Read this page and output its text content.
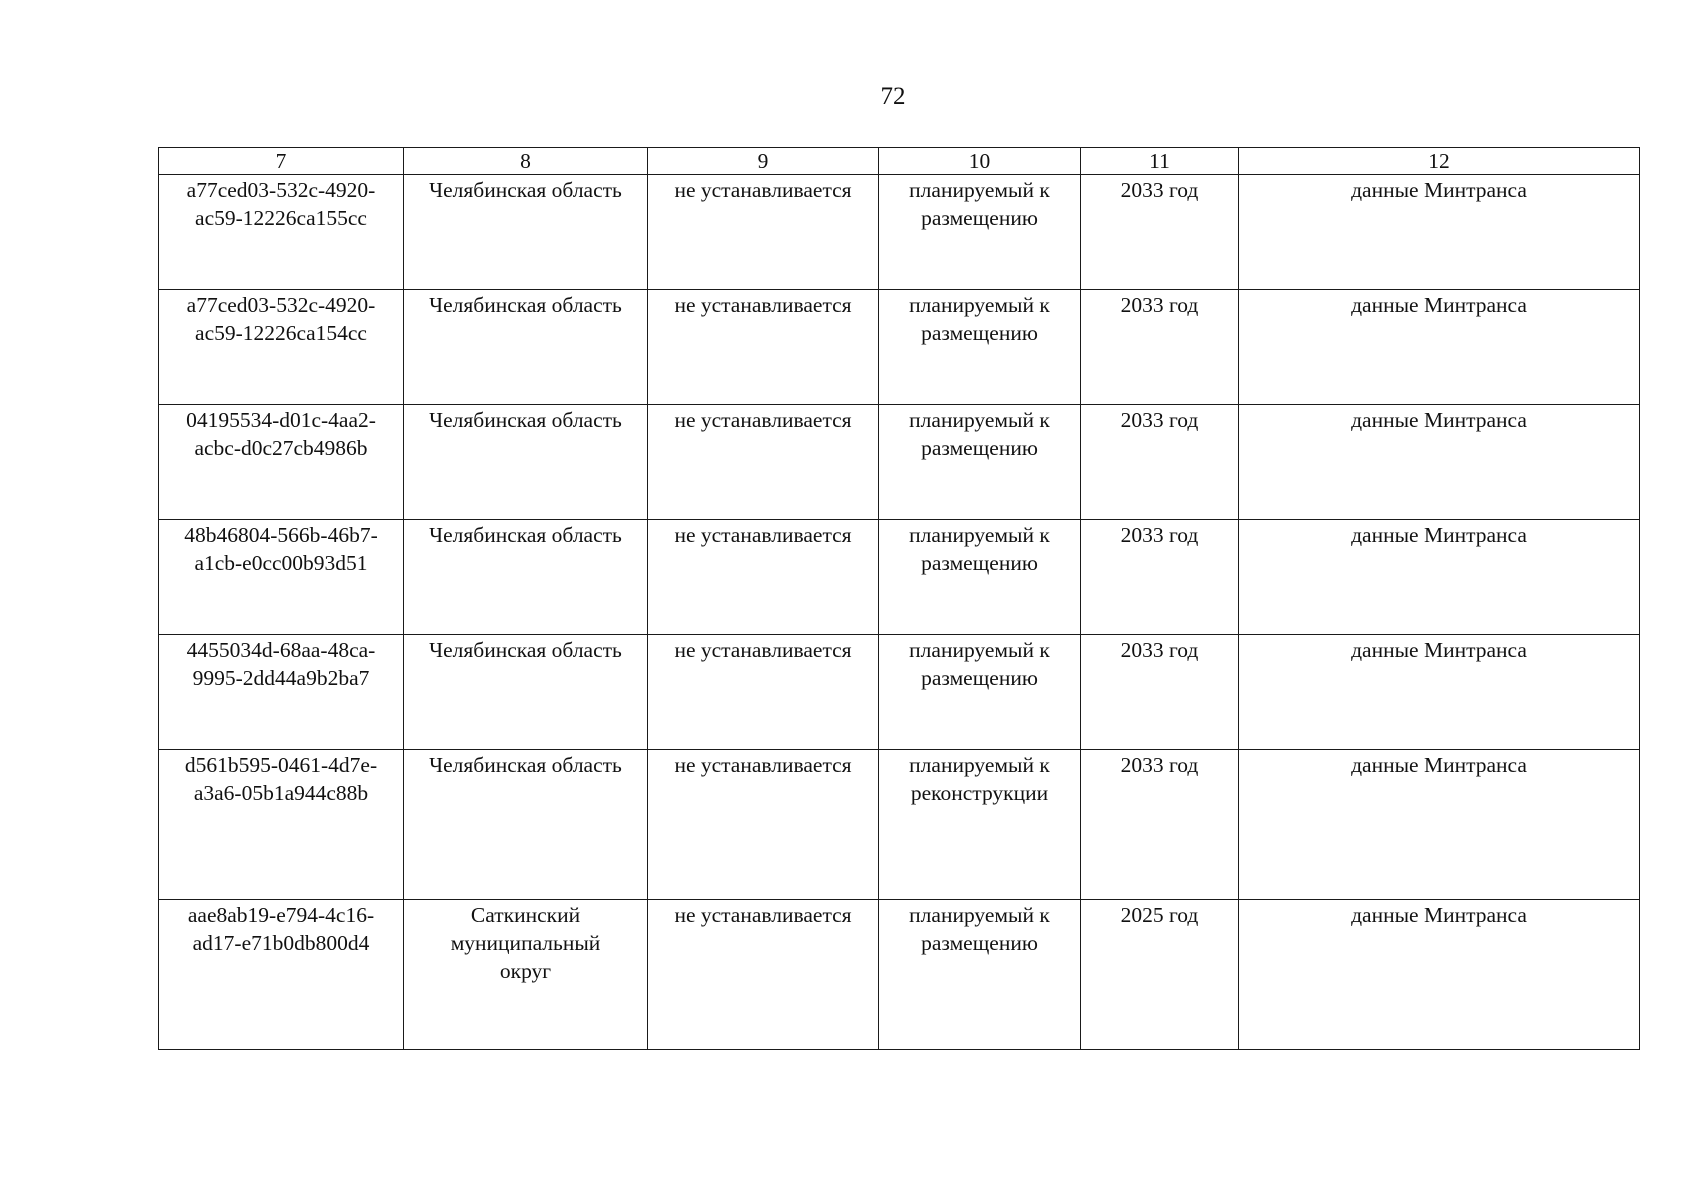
72
7	8	9	10	11	12
a77ced03-532c-4920-
ac59-12226ca155cc	Челябинская область	не устанавливается	планируемый к
размещению	2033 год	данные Минтранса
a77ced03-532c-4920-
ac59-12226ca154cc	Челябинская область	не устанавливается	планируемый к
размещению	2033 год	данные Минтранса
04195534-d01c-4aa2-
acbc-d0c27cb4986b	Челябинская область	не устанавливается	планируемый к
размещению	2033 год	данные Минтранса
48b46804-566b-46b7-
a1cb-e0cc00b93d51	Челябинская область	не устанавливается	планируемый к
размещению	2033 год	данные Минтранса
4455034d-68aa-48ca-
9995-2dd44a9b2ba7	Челябинская область	не устанавливается	планируемый к
размещению	2033 год	данные Минтранса
d561b595-0461-4d7e-
a3a6-05b1a944c88b	Челябинская область	не устанавливается	планируемый к
реконструкции	2033 год	данные Минтранса
aae8ab19-e794-4c16-
ad17-e71b0db800d4	Саткинский
муниципальный
округ	не устанавливается	планируемый к
размещению	2025 год	данные Минтранса
